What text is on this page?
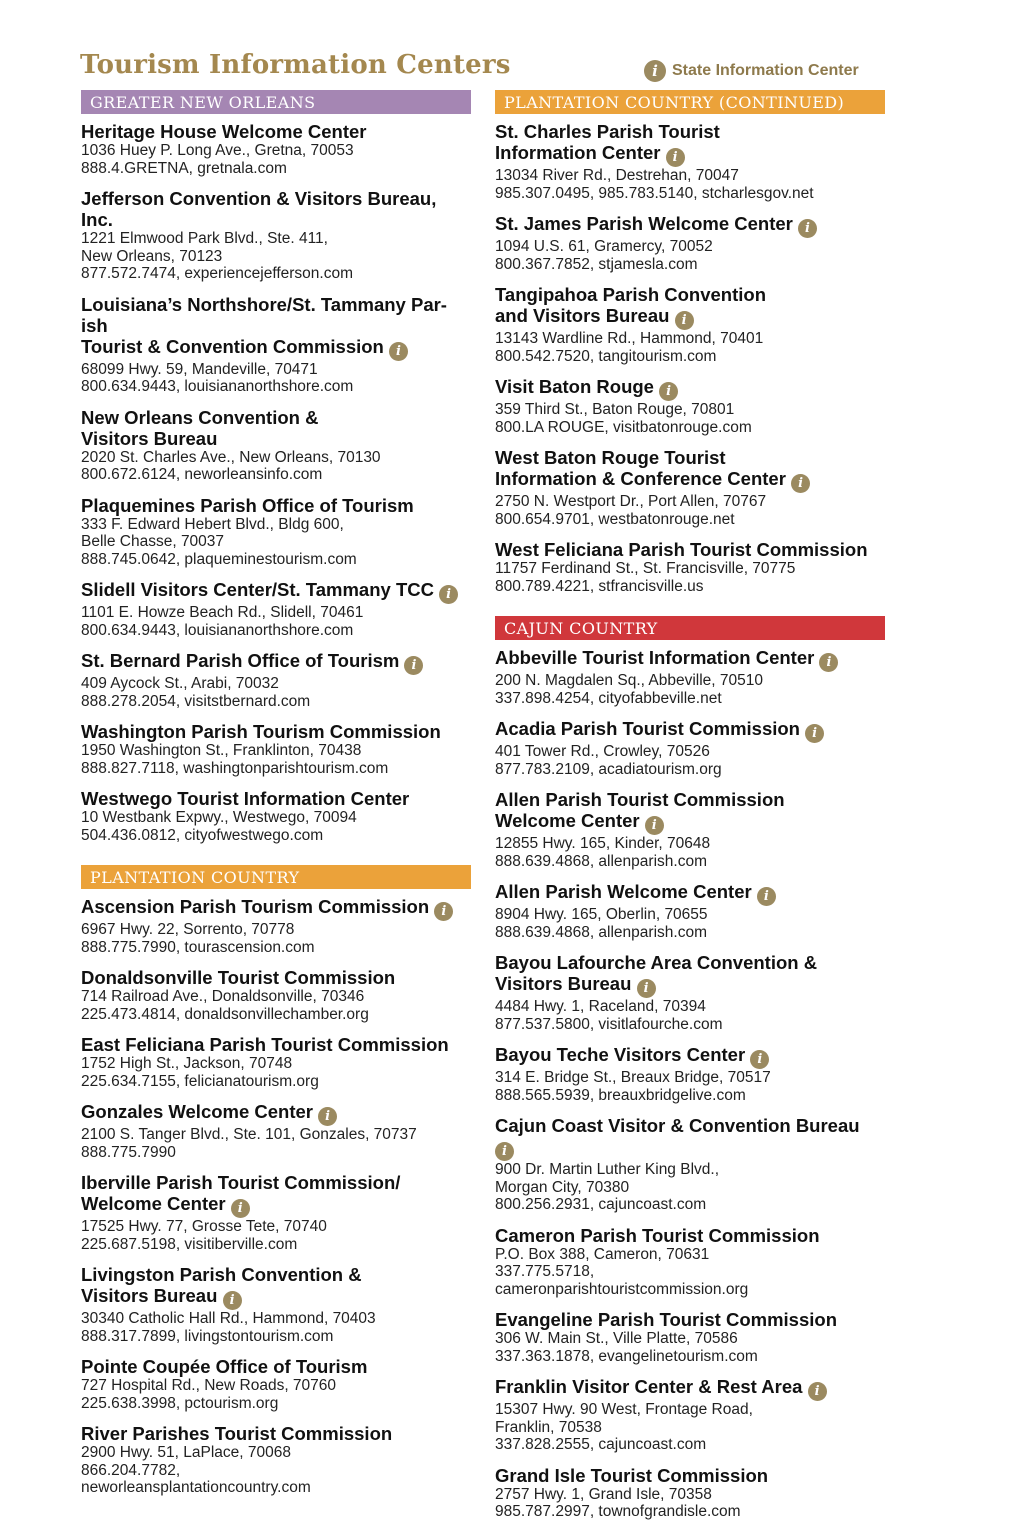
Tourism Information Centers	i State Information Center
GREATER NEW ORLEANS
Heritage House Welcome Center
1036 Huey P. Long Ave., Gretna, 70053
888.4.GRETNA, gretnala.com
Jefferson Convention & Visitors Bureau,
Inc.
1221 Elmwood Park Blvd., Ste. 411,
New Orleans, 70123
877.572.7474, experiencejefferson.com
Louisiana’s Northshore/St. Tammany Par-
ish
Tourist & Convention Commission i
68099 Hwy. 59, Mandeville, 70471
800.634.9443, louisiananorthshore.com
New Orleans Convention &
Visitors Bureau
2020 St. Charles Ave., New Orleans, 70130
800.672.6124, neworleansinfo.com
Plaquemines Parish Office of Tourism
333 F. Edward Hebert Blvd., Bldg 600,
Belle Chasse, 70037
888.745.0642, plaqueminestourism.com
Slidell Visitors Center/St. Tammany TCC i
1101 E. Howze Beach Rd., Slidell, 70461
800.634.9443, louisiananorthshore.com
St. Bernard Parish Office of Tourism i
409 Aycock St., Arabi, 70032
888.278.2054, visitstbernard.com
Washington Parish Tourism Commission
1950 Washington St., Franklinton, 70438
888.827.7118, washingtonparishtourism.com
Westwego Tourist Information Center
10 Westbank Expwy., Westwego, 70094
504.436.0812, cityofwestwego.com
PLANTATION COUNTRY
Ascension Parish Tourism Commission i
6967 Hwy. 22, Sorrento, 70778
888.775.7990, tourascension.com
Donaldsonville Tourist Commission
714 Railroad Ave., Donaldsonville, 70346
225.473.4814, donaldsonvillechamber.org
East Feliciana Parish Tourist Commission
1752 High St., Jackson, 70748
225.634.7155, felicianatourism.org
Gonzales Welcome Center i
2100 S. Tanger Blvd., Ste. 101, Gonzales, 70737
888.775.7990
Iberville Parish Tourist Commission/
Welcome Center i
17525 Hwy. 77, Grosse Tete, 70740
225.687.5198, visitiberville.com
Livingston Parish Convention &
Visitors Bureau i
30340 Catholic Hall Rd., Hammond, 70403
888.317.7899, livingstontourism.com
Pointe Coupée Office of Tourism
727 Hospital Rd., New Roads, 70760
225.638.3998, pctourism.org
River Parishes Tourist Commission
2900 Hwy. 51, LaPlace, 70068
866.204.7782,
neworleansplantationcountry.com
PLANTATION COUNTRY (CONTINUED)
St. Charles Parish Tourist
Information Center i
13034 River Rd., Destrehan, 70047
985.307.0495, 985.783.5140, stcharlesgov.net
St. James Parish Welcome Center i
1094 U.S. 61, Gramercy, 70052
800.367.7852, stjamesla.com
Tangipahoa Parish Convention
and Visitors Bureau i
13143 Wardline Rd., Hammond, 70401
800.542.7520, tangitourism.com
Visit Baton Rouge i
359 Third St., Baton Rouge, 70801
800.LA ROUGE, visitbatonrouge.com
West Baton Rouge Tourist
Information & Conference Center i
2750 N. Westport Dr., Port Allen, 70767
800.654.9701, westbatonrouge.net
West Feliciana Parish Tourist Commission
11757 Ferdinand St., St. Francisville, 70775
800.789.4221, stfrancisville.us
CAJUN COUNTRY
Abbeville Tourist Information Center i
200 N. Magdalen Sq., Abbeville, 70510
337.898.4254, cityofabbeville.net
Acadia Parish Tourist Commission i
401 Tower Rd., Crowley, 70526
877.783.2109, acadiatourism.org
Allen Parish Tourist Commission
Welcome Center i
12855 Hwy. 165, Kinder, 70648
888.639.4868, allenparish.com
Allen Parish Welcome Center i
8904 Hwy. 165, Oberlin, 70655
888.639.4868, allenparish.com
Bayou Lafourche Area Convention &
Visitors Bureau i
4484 Hwy. 1, Raceland, 70394
877.537.5800, visitlafourche.com
Bayou Teche Visitors Center i
314 E. Bridge St., Breaux Bridge, 70517
888.565.5939, breauxbridgelive.com
Cajun Coast Visitor & Convention Bureau
i
900 Dr. Martin Luther King Blvd.,
Morgan City, 70380
800.256.2931, cajuncoast.com
Cameron Parish Tourist Commission
P.O. Box 388, Cameron, 70631
337.775.5718,
cameronparishtouristcommission.org
Evangeline Parish Tourist Commission
306 W. Main St., Ville Platte, 70586
337.363.1878, evangelinetourism.com
Franklin Visitor Center & Rest Area i
15307 Hwy. 90 West, Frontage Road,
Franklin, 70538
337.828.2555, cajuncoast.com
Grand Isle Tourist Commission
2757 Hwy. 1, Grand Isle, 70358
985.787.2997, townofgrandisle.com
